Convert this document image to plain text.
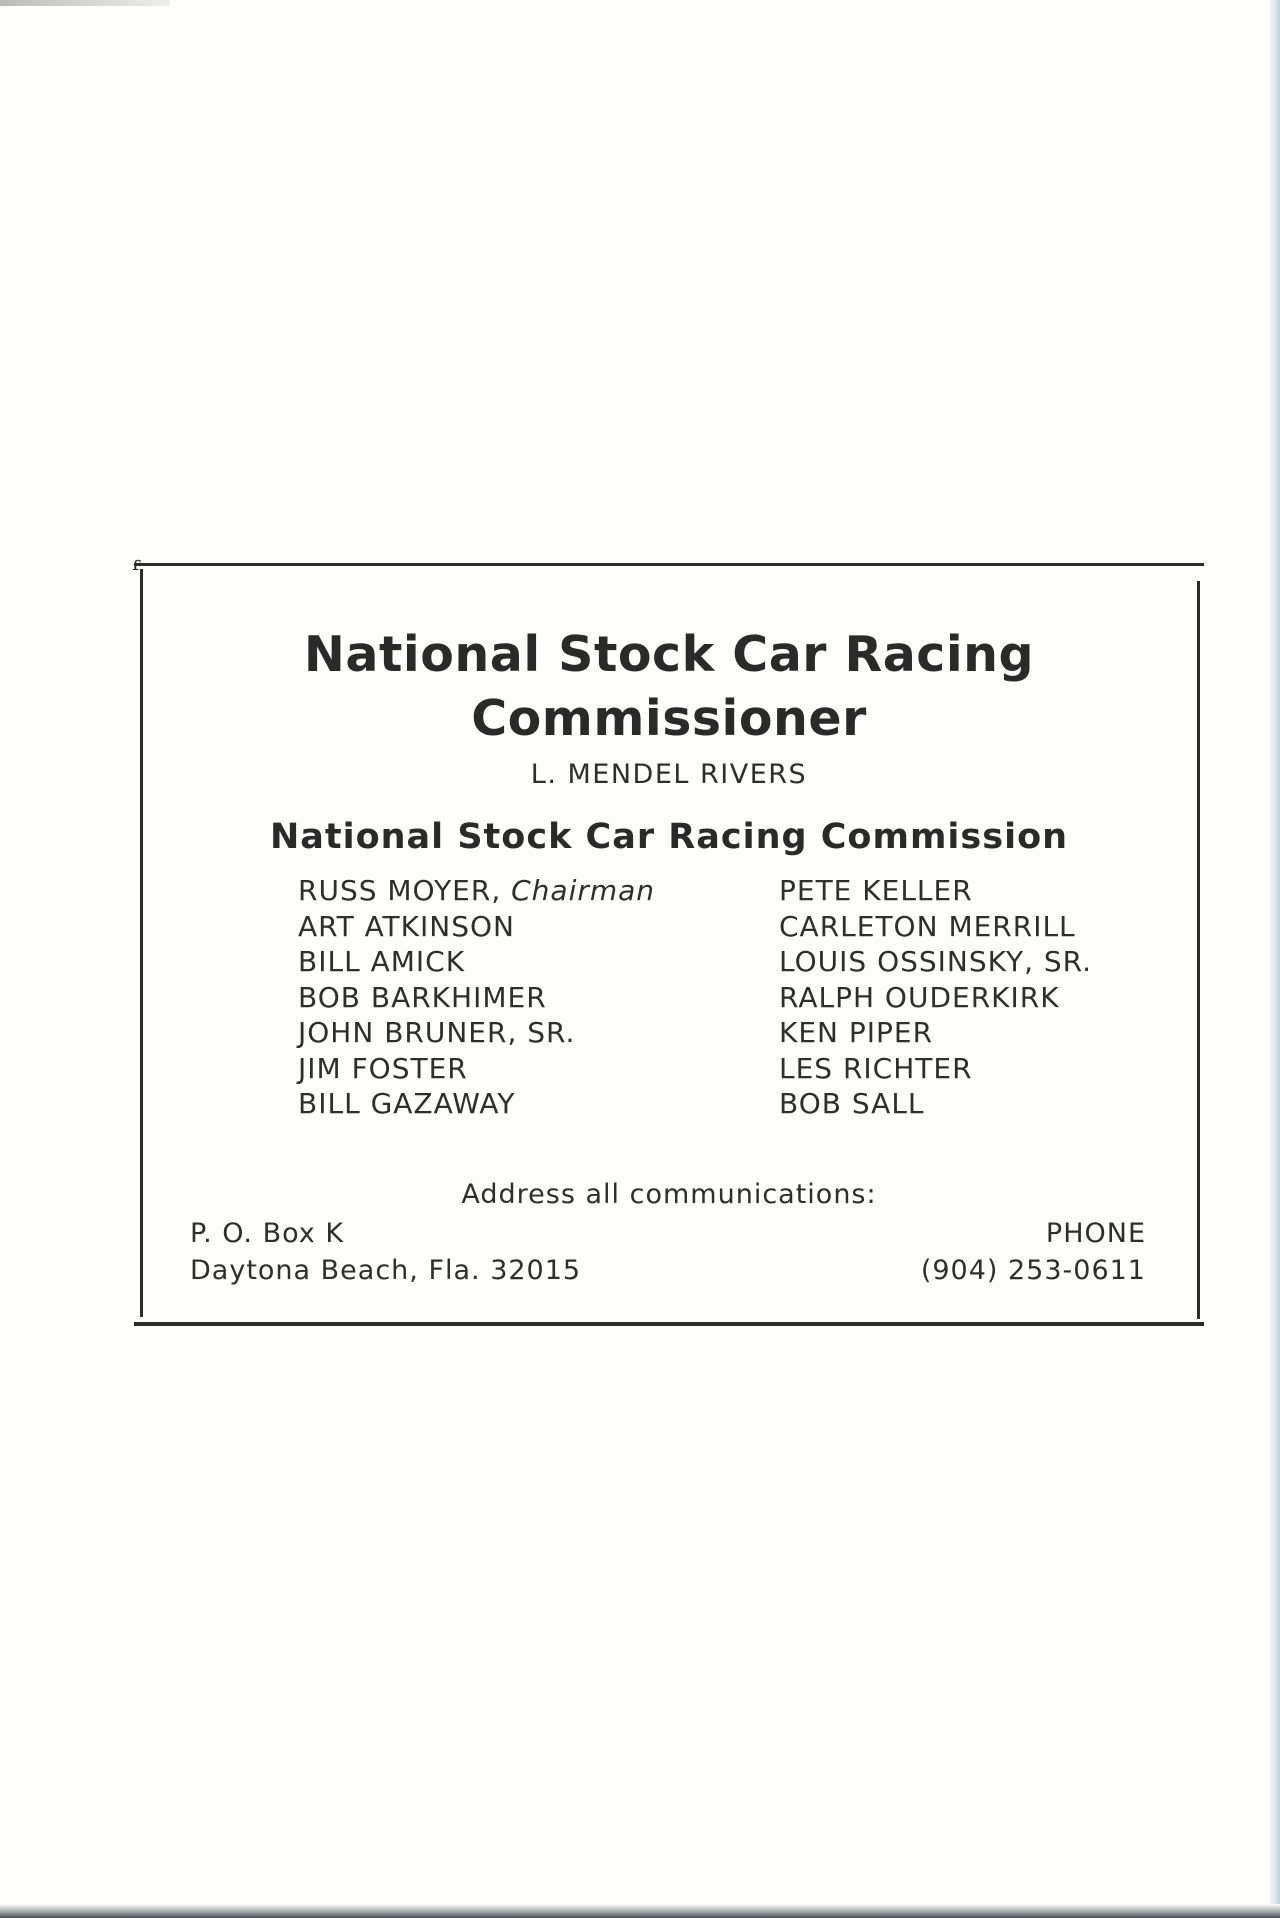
ɾ
National Stock Car Racing
Commissioner
L. MENDEL RIVERS
National Stock Car Racing Commission
RUSS MOYER, Chairman
ART ATKINSON
BILL AMICK
BOB BARKHIMER
JOHN BRUNER, SR.
JIM FOSTER
BILL GAZAWAY
PETE KELLER
CARLETON MERRILL
LOUIS OSSINSKY, SR.
RALPH OUDERKIRK
KEN PIPER
LES RICHTER
BOB SALL
Address all communications:
P. O. Box K
Daytona Beach, Fla. 32015
PHONE
(904) 253-0611
